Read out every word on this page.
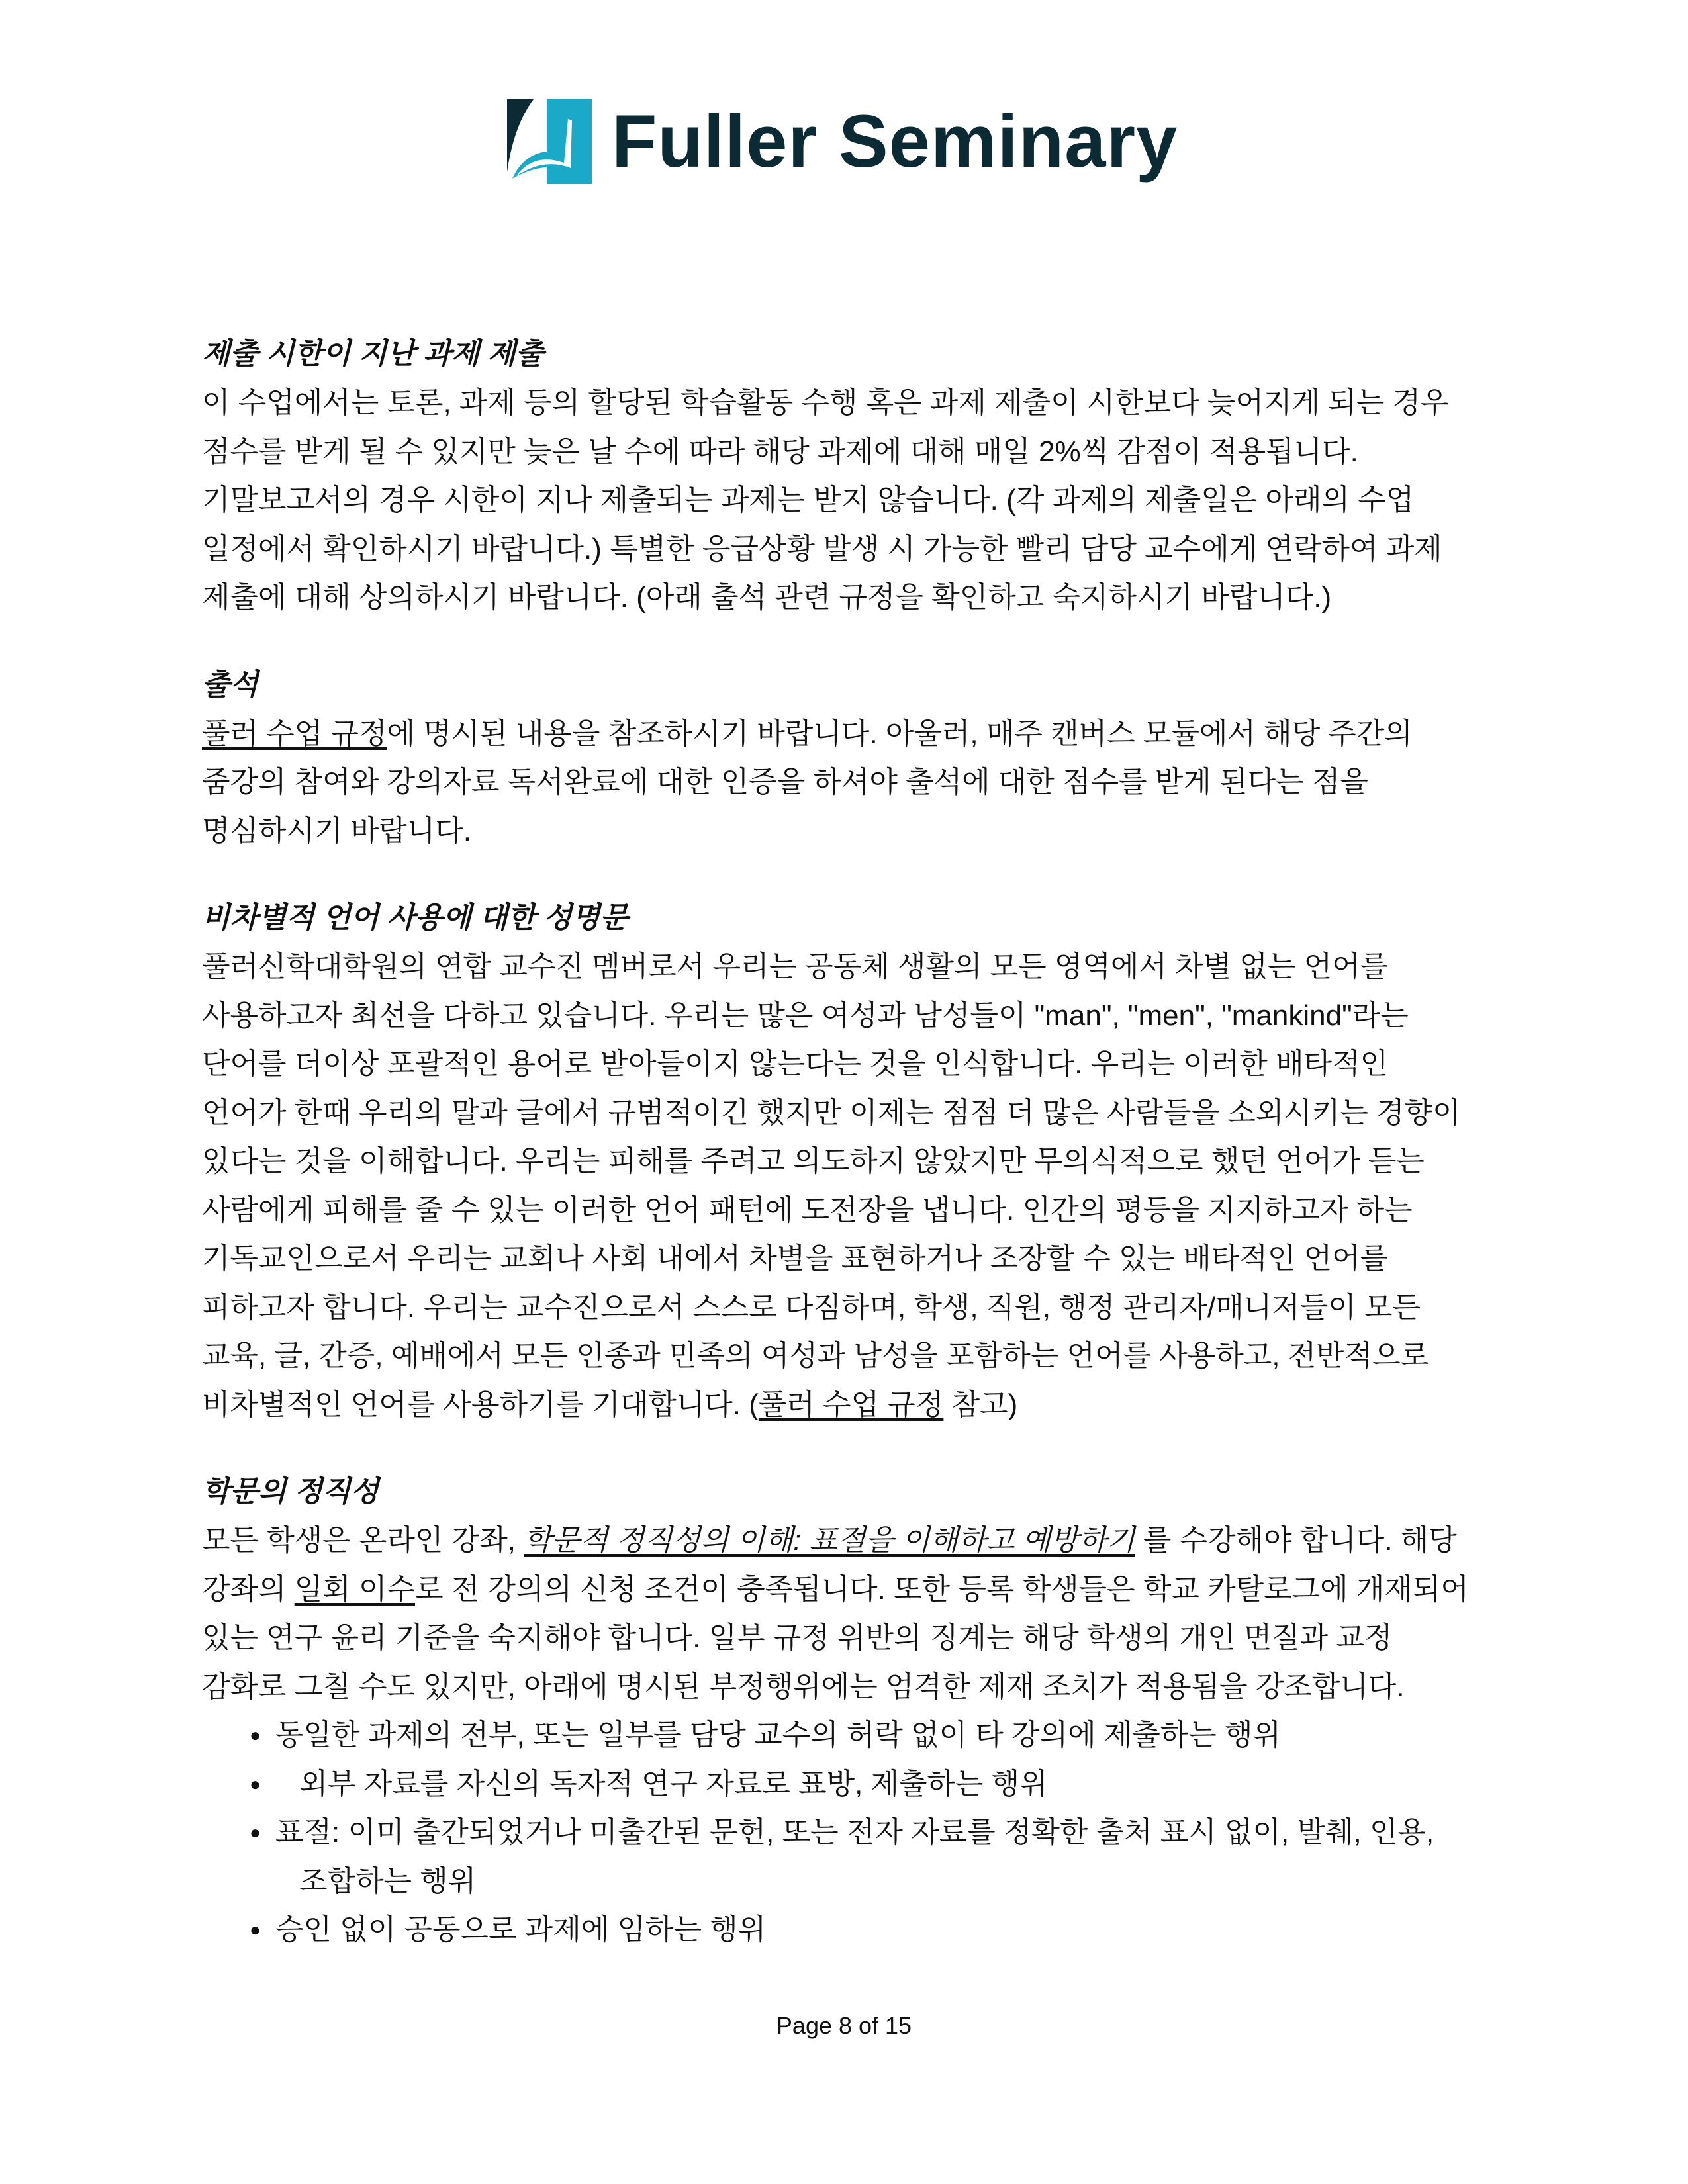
Fuller Seminary
제출 시한이 지난 과제 제출
이 수업에서는 토론, 과제 등의 할당된 학습활동 수행 혹은 과제 제출이 시한보다 늦어지게 되는 경우
점수를 받게 될 수 있지만 늦은 날 수에 따라 해당 과제에 대해 매일 2%씩 감점이 적용됩니다.
기말보고서의 경우 시한이 지나 제출되는 과제는 받지 않습니다. (각 과제의 제출일은 아래의 수업
일정에서 확인하시기 바랍니다.) 특별한 응급상황 발생 시 가능한 빨리 담당 교수에게 연락하여 과제
제출에 대해 상의하시기 바랍니다. (아래 출석 관련 규정을 확인하고 숙지하시기 바랍니다.)
출석
풀러 수업 규정에 명시된 내용을 참조하시기 바랍니다. 아울러, 매주 캔버스 모듈에서 해당 주간의
줌강의 참여와 강의자료 독서완료에 대한 인증을 하셔야 출석에 대한 점수를 받게 된다는 점을
명심하시기 바랍니다.
비차별적 언어 사용에 대한 성명문
풀러신학대학원의 연합 교수진 멤버로서 우리는 공동체 생활의 모든 영역에서 차별 없는 언어를
사용하고자 최선을 다하고 있습니다. 우리는 많은 여성과 남성들이 "man", "men", "mankind"라는
단어를 더이상 포괄적인 용어로 받아들이지 않는다는 것을 인식합니다. 우리는 이러한 배타적인
언어가 한때 우리의 말과 글에서 규범적이긴 했지만 이제는 점점 더 많은 사람들을 소외시키는 경향이
있다는 것을 이해합니다. 우리는 피해를 주려고 의도하지 않았지만 무의식적으로 했던 언어가 듣는
사람에게 피해를 줄 수 있는 이러한 언어 패턴에 도전장을 냅니다. 인간의 평등을 지지하고자 하는
기독교인으로서 우리는 교회나 사회 내에서 차별을 표현하거나 조장할 수 있는 배타적인 언어를
피하고자 합니다. 우리는 교수진으로서 스스로 다짐하며, 학생, 직원, 행정 관리자/매니저들이 모든
교육, 글, 간증, 예배에서 모든 인종과 민족의 여성과 남성을 포함하는 언어를 사용하고, 전반적으로
비차별적인 언어를 사용하기를 기대합니다. (풀러 수업 규정 참고)
학문의 정직성
모든 학생은 온라인 강좌, 학문적 정직성의 이해: 표절을 이해하고 예방하기 를 수강해야 합니다. 해당
강좌의 일회 이수로 전 강의의 신청 조건이 충족됩니다. 또한 등록 학생들은 학교 카탈로그에 개재되어
있는 연구 윤리 기준을 숙지해야 합니다. 일부 규정 위반의 징계는 해당 학생의 개인 면질과 교정
감화로 그칠 수도 있지만, 아래에 명시된 부정행위에는 엄격한 제재 조치가 적용됨을 강조합니다.
● 동일한 과제의 전부, 또는 일부를 담당 교수의 허락 없이 타 강의에 제출하는 행위
● 외부 자료를 자신의 독자적 연구 자료로 표방, 제출하는 행위
● 표절: 이미 출간되었거나 미출간된 문헌, 또는 전자 자료를 정확한 출처 표시 없이, 발췌, 인용,
조합하는 행위
● 승인 없이 공동으로 과제에 임하는 행위
Page 8 of 15
